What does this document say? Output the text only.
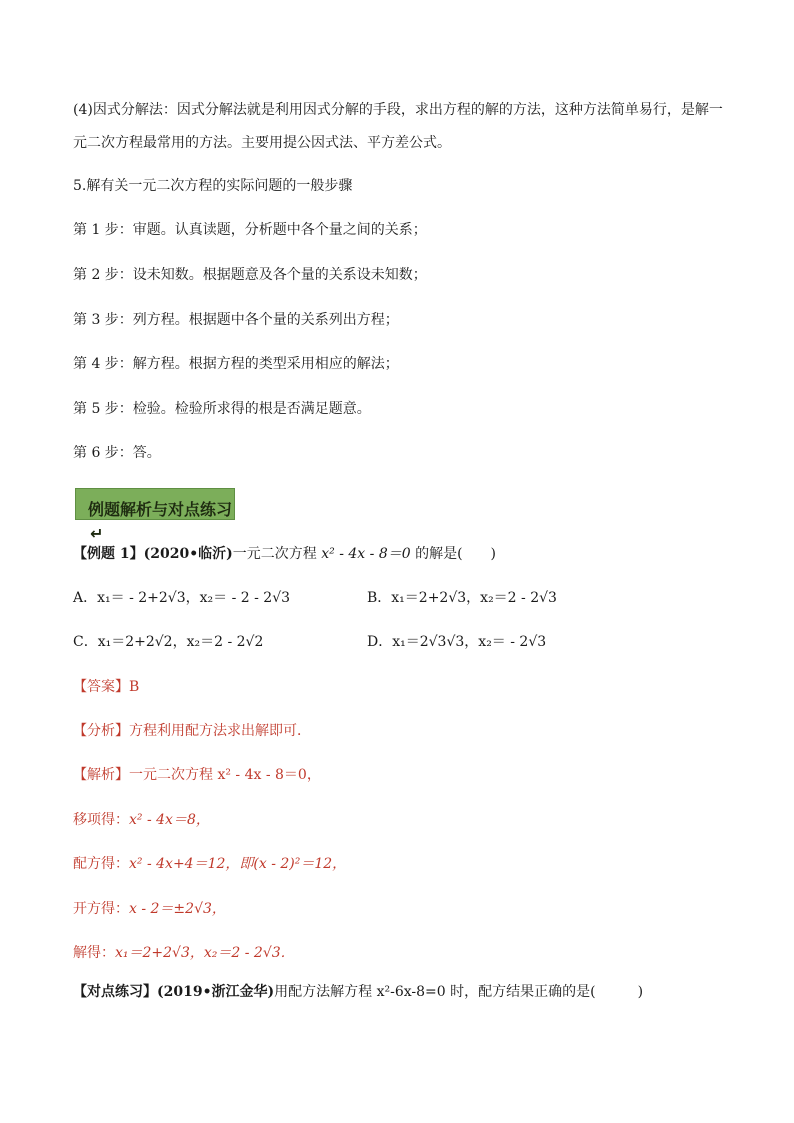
(4)因式分解法：因式分解法就是利用因式分解的手段，求出方程的解的方法，这种方法简单易行，是解一
元二次方程最常用的方法。主要用提公因式法、平方差公式。
5.解有关一元二次方程的实际问题的一般步骤
第 1 步：审题。认真读题，分析题中各个量之间的关系；
第 2 步：设未知数。根据题意及各个量的关系设未知数；
第 3 步：列方程。根据题中各个量的关系列出方程；
第 4 步：解方程。根据方程的类型采用相应的解法；
第 5 步：检验。检验所求得的根是否满足题意。
第 6 步：答。
例题解析与对点练习
↵
【例题 1】(2020•临沂)一元二次方程 x² - 4x - 8＝0 的解是(　　)
A．x₁＝ - 2+2√3，x₂＝ - 2 - 2√3	B．x₁＝2+2√3，x₂＝2 - 2√3
C．x₁＝2+2√2，x₂＝2 - 2√2	D．x₁＝2√3√3，x₂＝ - 2√3
【答案】B
【分析】方程利用配方法求出解即可．
【解析】一元二次方程 x² - 4x - 8＝0，
移项得：x² - 4x＝8，
配方得：x² - 4x+4＝12，即(x - 2)²＝12，
开方得：x - 2＝±2√3，
解得：x₁＝2+2√3，x₂＝2 - 2√3．
【对点练习】(2019•浙江金华)用配方法解方程 x²-6x-8=0 时，配方结果正确的是(　　　)
